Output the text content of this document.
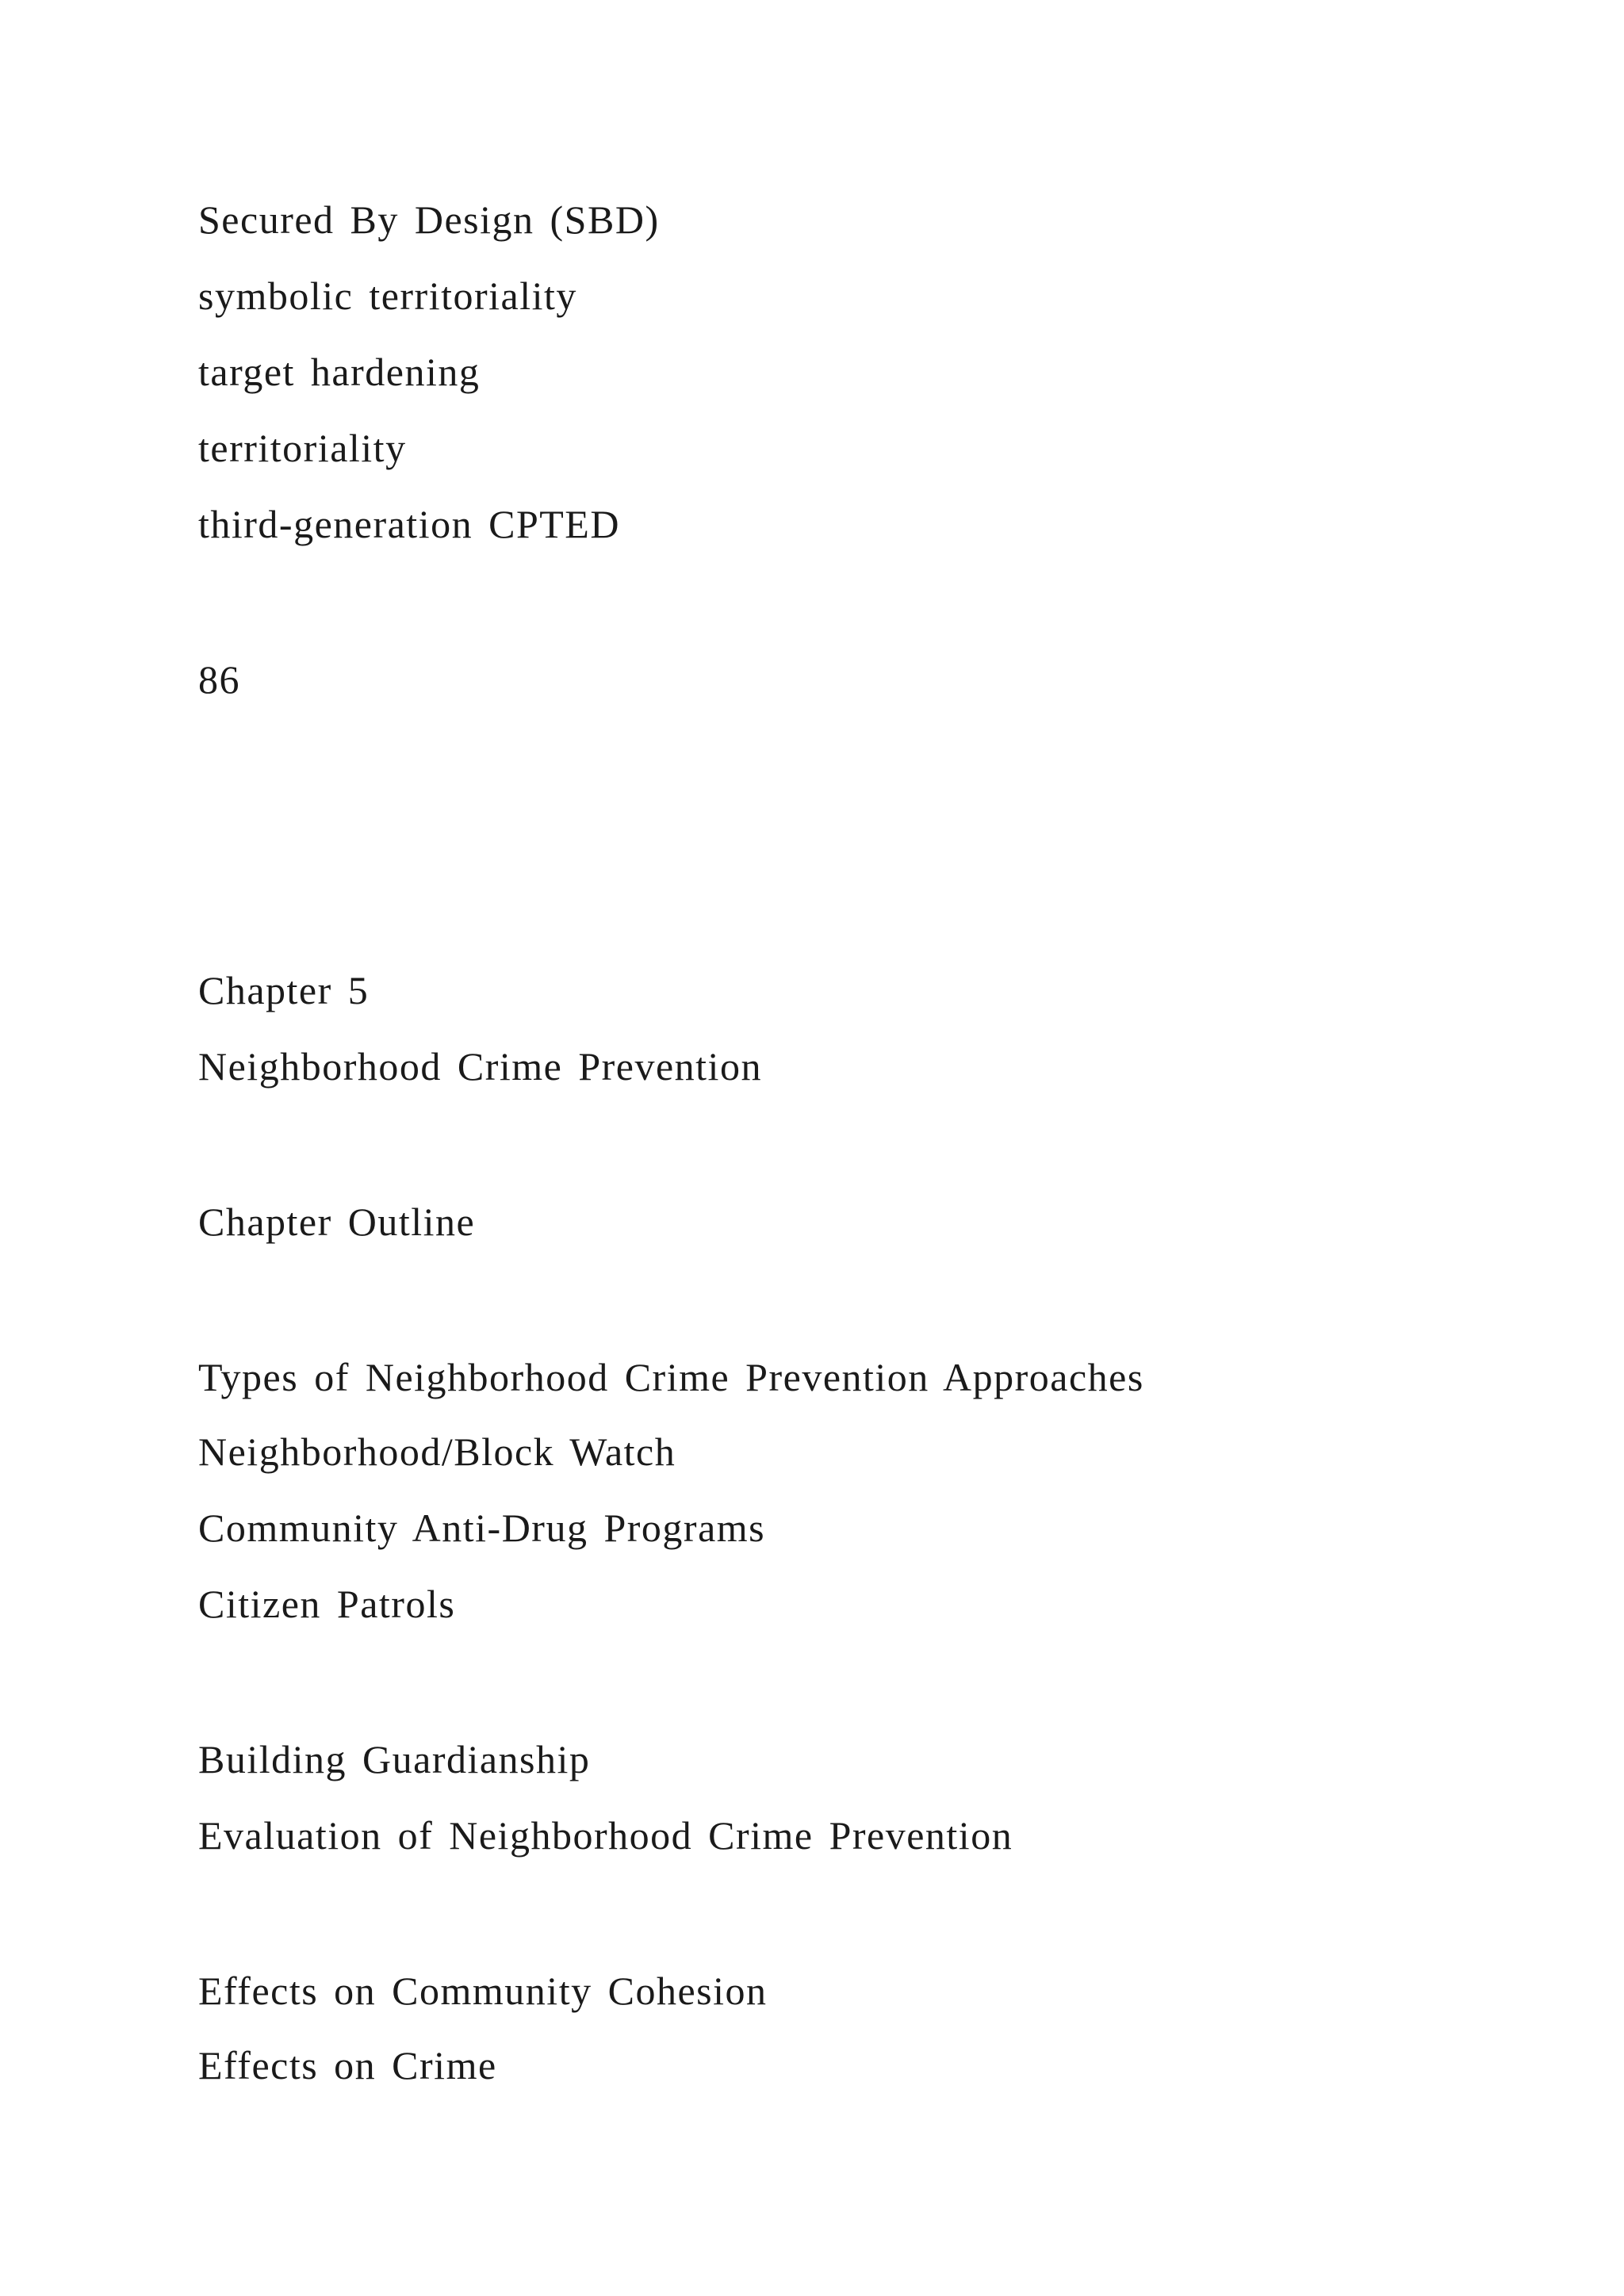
Secured By Design (SBD)
symbolic territoriality
target hardening
territoriality
third-generation CPTED
86
Chapter 5
Neighborhood Crime Prevention
Chapter Outline
Types of Neighborhood Crime Prevention Approaches
Neighborhood/Block Watch
Community Anti-Drug Programs
Citizen Patrols
Building Guardianship
Evaluation of Neighborhood Crime Prevention
Effects on Community Cohesion
Effects on Crime
